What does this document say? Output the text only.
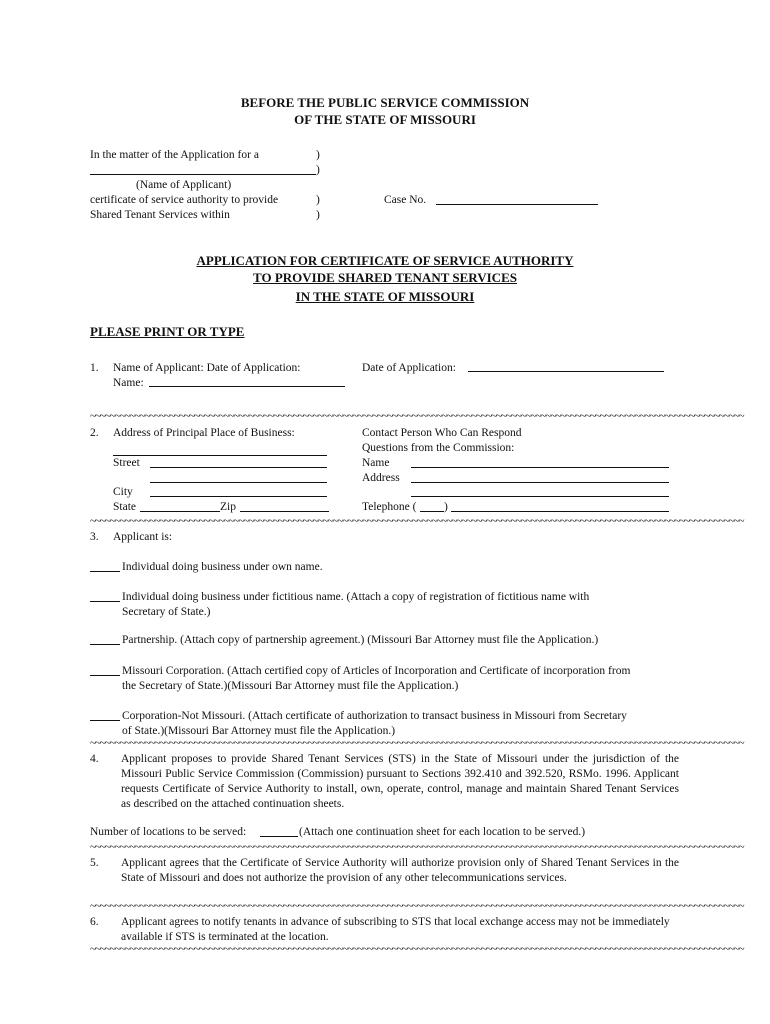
BEFORE THE PUBLIC SERVICE COMMISSION
OF THE STATE OF MISSOURI
In the matter of the Application for a	)
)
(Name of Applicant)
certificate of service authority to provide	)
Shared Tenant Services within	)
Case No.
APPLICATION FOR CERTIFICATE OF SERVICE AUTHORITY
TO PROVIDE SHARED TENANT SERVICES
IN THE STATE OF MISSOURI
PLEASE PRINT OR TYPE
1. Name of Applicant: Date of Application:
Name:
Date of Application:
~~~~~~~~~~~~~~~~~~~~~~~~~~~~~~~~~~~~~~~~~~~~~~~~~~~~~~~~~~~~~~~~~~~~~~~~~~~~~~~~~~~~~~~~~~~~~~~~~~~~~~~~~~~~~~~~~~~~~~~~~~~~~~~~~~~~
2. Address of Principal Place of Business:
Street
City
State	Zip
Contact Person Who Can Respond
Questions from the Commission:
Name
Address
Telephone ( )
~~~~~~~~~~~~~~~~~~~~~~~~~~~~~~~~~~~~~~~~~~~~~~~~~~~~~~~~~~~~~~~~~~~~~~~~~~~~~~~~~~~~~~~~~~~~~~~~~~~~~~~~~~~~~~~~~~~~~~~~~~~~~~~~~~~~
3. Applicant is:
Individual doing business under own name.
Individual doing business under fictitious name. (Attach a copy of registration of fictitious name with
Secretary of State.)
Partnership. (Attach copy of partnership agreement.) (Missouri Bar Attorney must file the Application.)
Missouri Corporation. (Attach certified copy of Articles of Incorporation and Certificate of incorporation from
the Secretary of State.)(Missouri Bar Attorney must file the Application.)
Corporation-Not Missouri. (Attach certificate of authorization to transact business in Missouri from Secretary
of State.)(Missouri Bar Attorney must file the Application.)
~~~~~~~~~~~~~~~~~~~~~~~~~~~~~~~~~~~~~~~~~~~~~~~~~~~~~~~~~~~~~~~~~~~~~~~~~~~~~~~~~~~~~~~~~~~~~~~~~~~~~~~~~~~~~~~~~~~~~~~~~~~~~~~~~~~~
4. Applicant proposes to provide Shared Tenant Services (STS) in the State of Missouri under the jurisdiction of the Missouri Public Service Commission (Commission) pursuant to Sections 392.410 and 392.520, RSMo. 1996. Applicant requests Certificate of Service Authority to install, own, operate, control, manage and maintain Shared Tenant Services as described on the attached continuation sheets.
Number of locations to be served:	(Attach one continuation sheet for each location to be served.)
~~~~~~~~~~~~~~~~~~~~~~~~~~~~~~~~~~~~~~~~~~~~~~~~~~~~~~~~~~~~~~~~~~~~~~~~~~~~~~~~~~~~~~~~~~~~~~~~~~~~~~~~~~~~~~~~~~~~~~~~~~~~~~~~~~~~
5. Applicant agrees that the Certificate of Service Authority will authorize provision only of Shared Tenant Services in the State of Missouri and does not authorize the provision of any other telecommunications services.
~~~~~~~~~~~~~~~~~~~~~~~~~~~~~~~~~~~~~~~~~~~~~~~~~~~~~~~~~~~~~~~~~~~~~~~~~~~~~~~~~~~~~~~~~~~~~~~~~~~~~~~~~~~~~~~~~~~~~~~~~~~~~~~~~~~~
6. Applicant agrees to notify tenants in advance of subscribing to STS that local exchange access may not be immediately available if STS is terminated at the location.
~~~~~~~~~~~~~~~~~~~~~~~~~~~~~~~~~~~~~~~~~~~~~~~~~~~~~~~~~~~~~~~~~~~~~~~~~~~~~~~~~~~~~~~~~~~~~~~~~~~~~~~~~~~~~~~~~~~~~~~~~~~~~~~~~~~~
